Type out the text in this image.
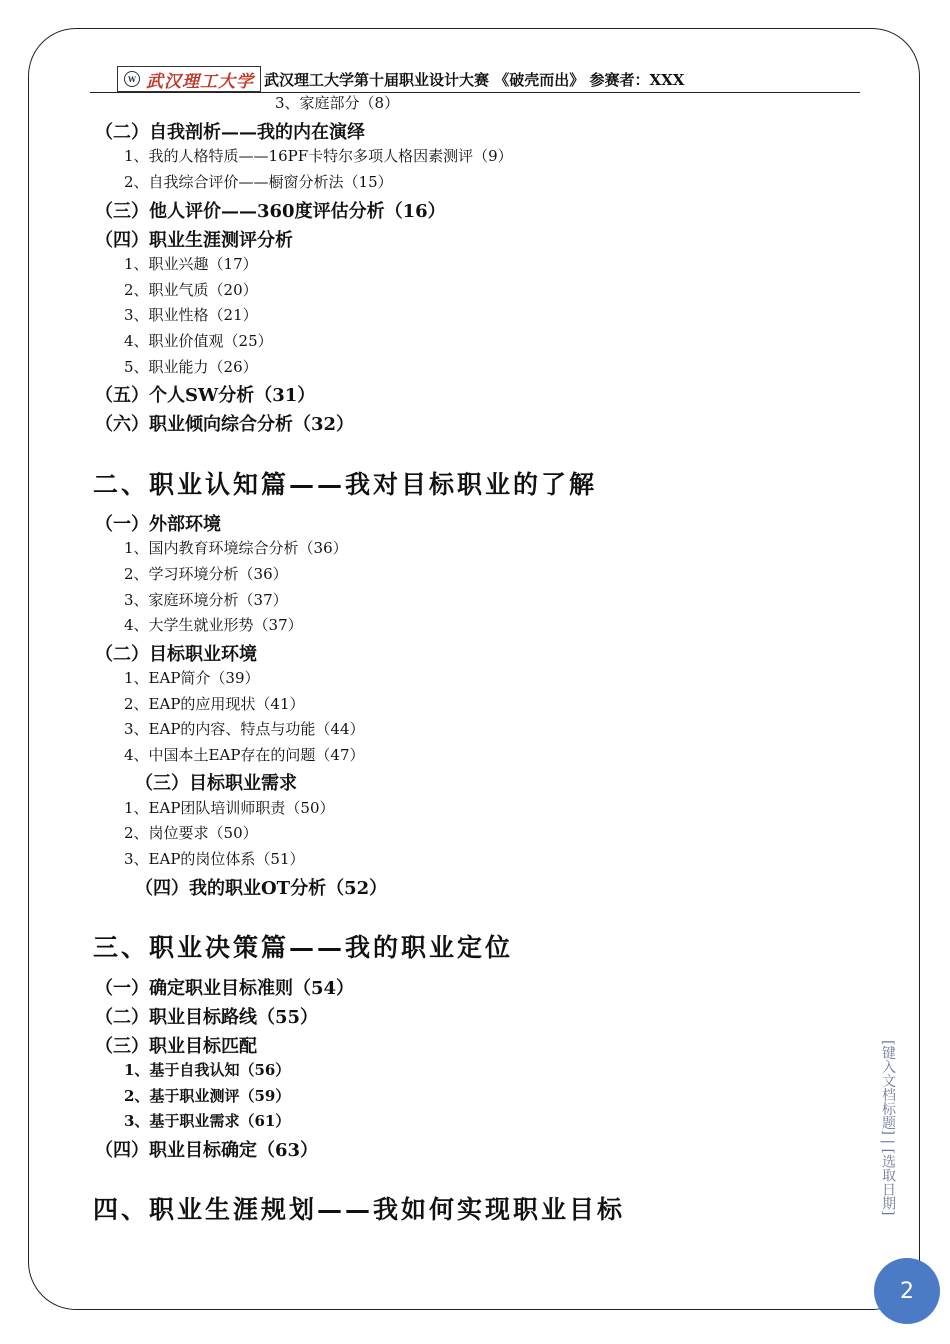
W 武汉理工大学 武汉理工大学第十届职业设计大赛 《破壳而出》 参赛者：XXX
3、家庭部分（8）
（二）自我剖析——我的内在演绎
1、我的人格特质——16PF卡特尔多项人格因素测评（9）
2、自我综合评价——橱窗分析法（15）
（三）他人评价——360度评估分析（16）
（四）职业生涯测评分析
1、职业兴趣（17）
2、职业气质（20）
3、职业性格（21）
4、职业价值观（25）
5、职业能力（26）
（五）个人SW分析（31）
（六）职业倾向综合分析（32）
二、职业认知篇——我对目标职业的了解
（一）外部环境
1、国内教育环境综合分析（36）
2、学习环境分析（36）
3、家庭环境分析（37）
4、大学生就业形势（37）
（二）目标职业环境
1、EAP简介（39）
2、EAP的应用现状（41）
3、EAP的内容、特点与功能（44）
4、中国本土EAP存在的问题（47）
（三）目标职业需求
1、EAP团队培训师职责（50）
2、岗位要求（50）
3、EAP的岗位体系（51）
（四）我的职业OT分析（52）
三、职业决策篇——我的职业定位
（一）确定职业目标准则（54）
（二）职业目标路线（55）
（三）职业目标匹配
1、基于自我认知（56）
2、基于职业测评（59）
3、基于职业需求（61）
（四）职业目标确定（63）
四、职业生涯规划——我如何实现职业目标	[键入文档标题] | [选取日期]
2
